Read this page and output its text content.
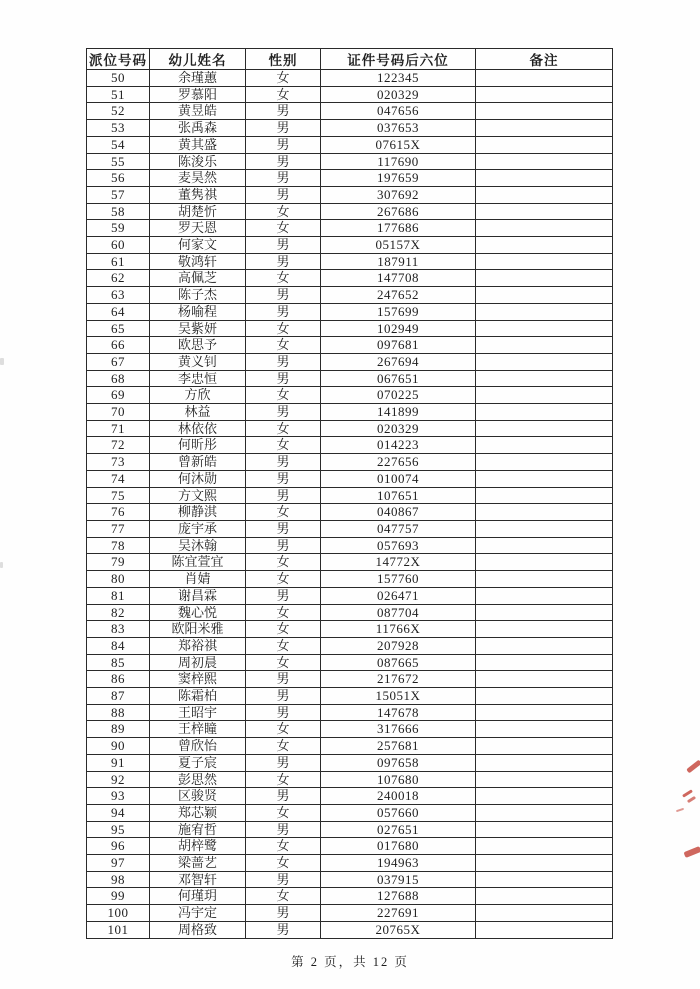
派位号码	幼儿姓名	性别	证件号码后六位	备注
50	余瑾蕙	女	122345	
51	罗慕阳	女	020329	
52	黄昱皓	男	047656	
53	张禹森	男	037653	
54	黄其盛	男	07615X	
55	陈浚乐	男	117690	
56	麦昊然	男	197659	
57	董隽祺	男	307692	
58	胡楚忻	女	267686	
59	罗天恩	女	177686	
60	何家文	男	05157X	
61	敬鸿轩	男	187911	
62	高佩芝	女	147708	
63	陈子杰	男	247652	
64	杨喻程	男	157699	
65	吴紫妍	女	102949	
66	欧思予	女	097681	
67	黄义钊	男	267694	
68	李忠恒	男	067651	
69	方欣	女	070225	
70	林益	男	141899	
71	林依依	女	020329	
72	何昕彤	女	014223	
73	曾新皓	男	227656	
74	何沐勋	男	010074	
75	方文熙	男	107651	
76	柳静淇	女	040867	
77	庞宇承	男	047757	
78	吴沐翰	男	057693	
79	陈宜萱宜	女	14772X	
80	肖婧	女	157760	
81	谢昌霖	男	026471	
82	魏心悦	女	087704	
83	欧阳米雅	女	11766X	
84	郑裕祺	女	207928	
85	周初晨	女	087665	
86	窦梓熙	男	217672	
87	陈霜柏	男	15051X	
88	王昭宇	男	147678	
89	王梓瞳	女	317666	
90	曾欣怡	女	257681	
91	夏子宸	男	097658	
92	彭思然	女	107680	
93	区骏贤	男	240018	
94	郑芯颖	女	057660	
95	施宥哲	男	027651	
96	胡梓鹭	女	017680	
97	梁蔷艺	女	194963	
98	邓智轩	男	037915	
99	何瑾玥	女	127688	
100	冯宇定	男	227691	
101	周格致	男	20765X	
第 2 页，共 12 页
